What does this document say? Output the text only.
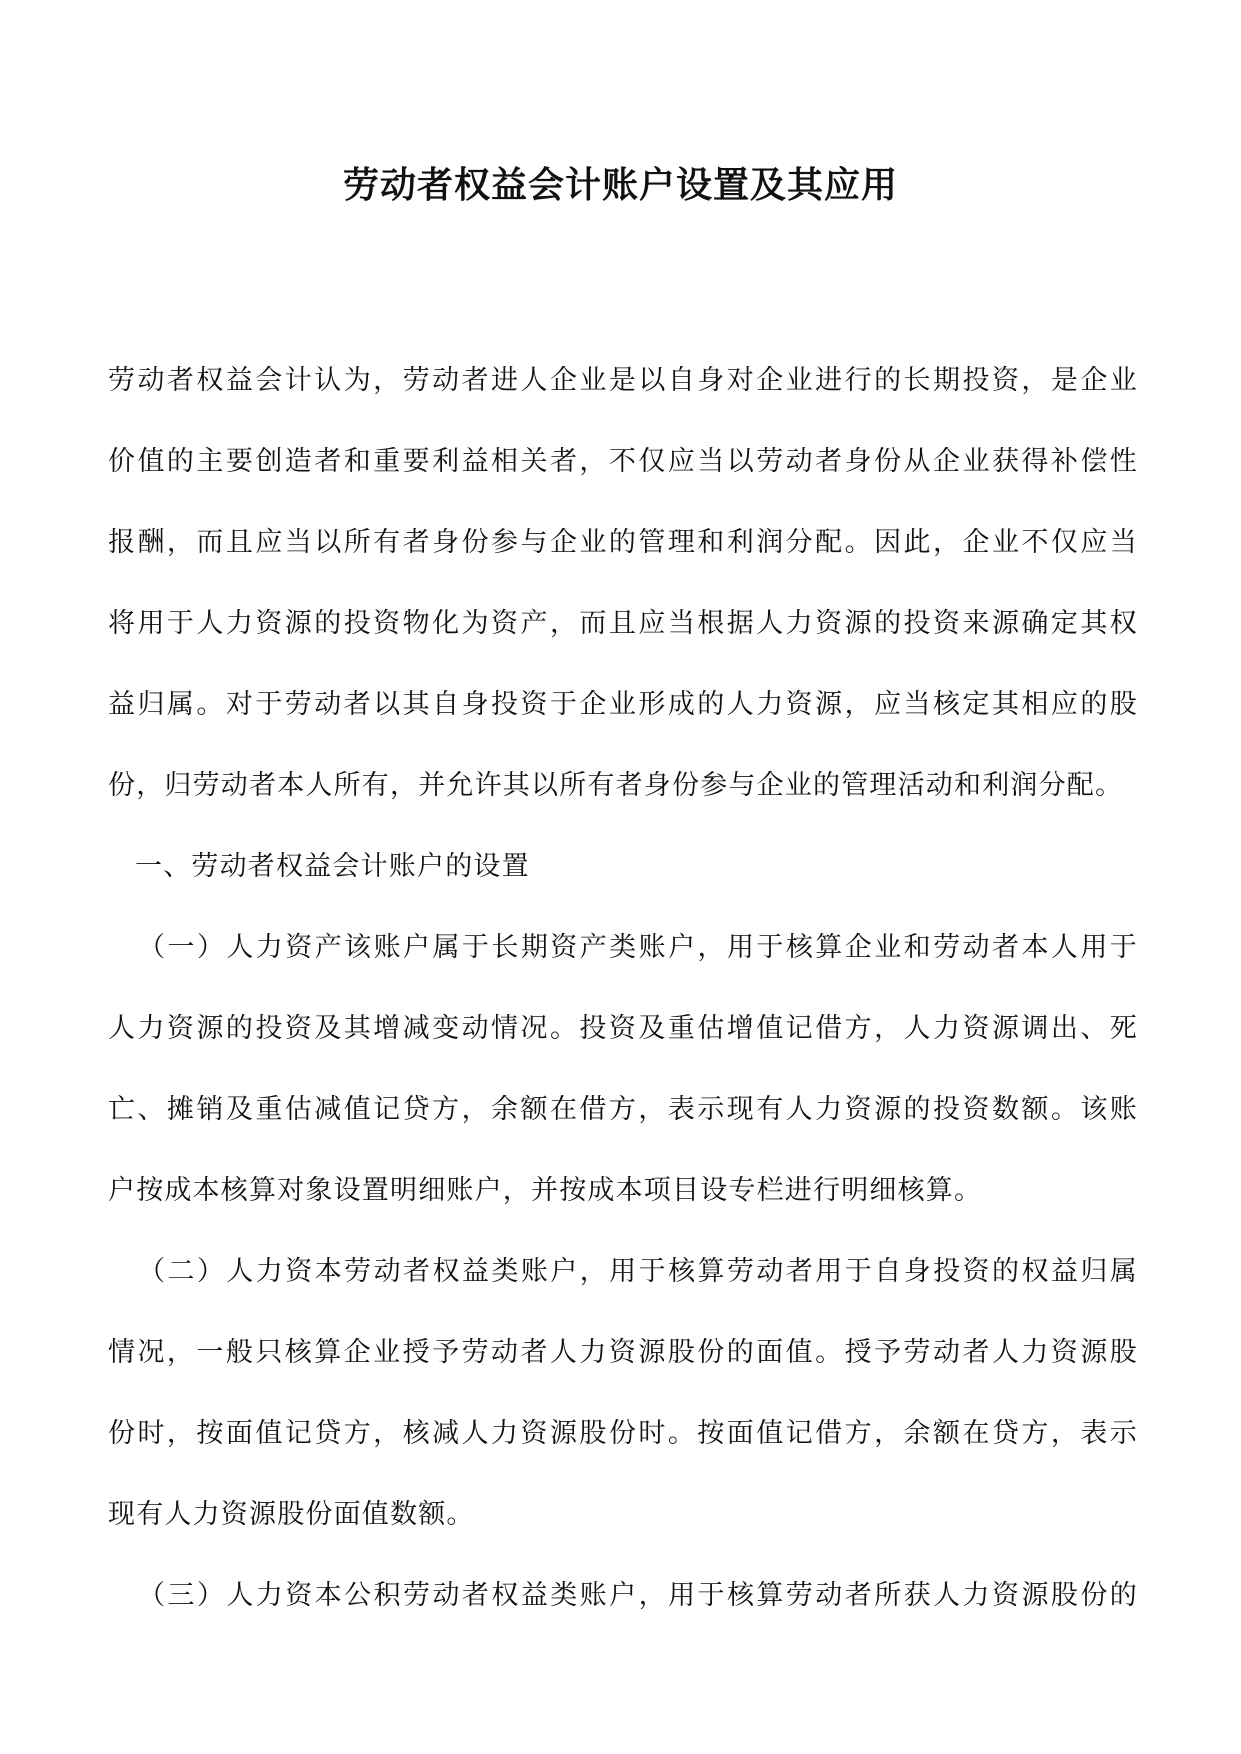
劳动者权益会计账户设置及其应用
劳动者权益会计认为，劳动者进人企业是以自身对企业进行的长期投资，是企业
价值的主要创造者和重要利益相关者，不仅应当以劳动者身份从企业获得补偿性
报酬，而且应当以所有者身份参与企业的管理和利润分配。因此，企业不仅应当
将用于人力资源的投资物化为资产，而且应当根据人力资源的投资来源确定其权
益归属。对于劳动者以其自身投资于企业形成的人力资源，应当核定其相应的股
份，归劳动者本人所有，并允许其以所有者身份参与企业的管理活动和利润分配。
一、劳动者权益会计账户的设置
（一）人力资产该账户属于长期资产类账户，用于核算企业和劳动者本人用于
人力资源的投资及其增减变动情况。投资及重估增值记借方，人力资源调出、死
亡、摊销及重估减值记贷方，余额在借方，表示现有人力资源的投资数额。该账
户按成本核算对象设置明细账户，并按成本项目设专栏进行明细核算。
（二）人力资本劳动者权益类账户，用于核算劳动者用于自身投资的权益归属
情况，一般只核算企业授予劳动者人力资源股份的面值。授予劳动者人力资源股
份时，按面值记贷方，核减人力资源股份时。按面值记借方，余额在贷方，表示
现有人力资源股份面值数额。
（三）人力资本公积劳动者权益类账户，用于核算劳动者所获人力资源股份的
